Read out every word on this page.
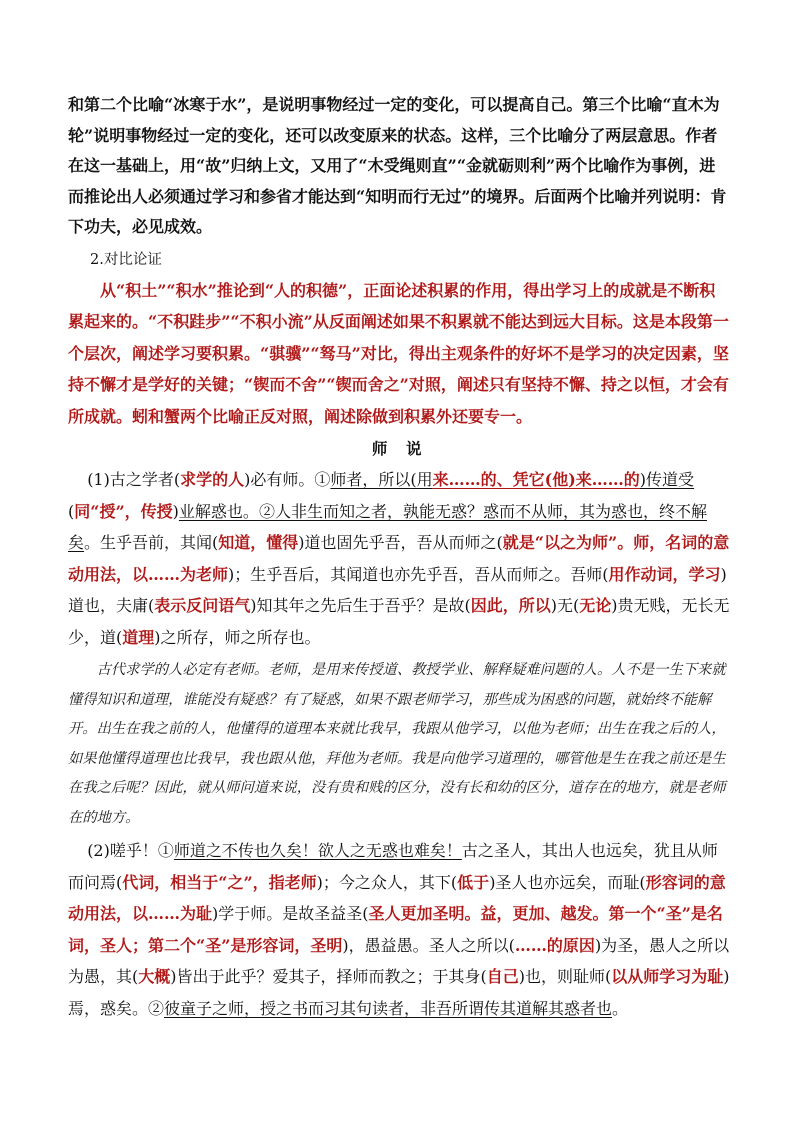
和第二个比喻“冰寒于水”，是说明事物经过一定的变化，可以提高自己。第三个比喻“直木为轮”说明事物经过一定的变化，还可以改变原来的状态。这样，三个比喻分了两层意思。作者在这一基础上，用“故”归纳上文，又用了“木受绳则直”“金就砺则利”两个比喻作为事例，进而推论出人必须通过学习和参省才能达到“知明而行无过”的境界。后面两个比喻并列说明：肯下功夫，必见成效。

2.对比论证

从“积土”“积水”推论到“人的积德”，正面论述积累的作用，得出学习上的成就是不断积累起来的。“不积跬步”“不积小流”从反面阐述如果不积累就不能达到远大目标。这是本段第一个层次，阐述学习要积累。“骐骥”“驽马”对比，得出主观条件的好坏不是学习的决定因素，坚持不懈才是学好的关键；“锲而不舍”“锲而舍之”对照，阐述只有坚持不懈、持之以恒，才会有所成就。蚓和蟹两个比喻正反对照，阐述除做到积累外还要专一。

师说

(1)古之学者(求学的人)必有师。①师者，所以(用来……的、凭它(他)来……的)传道受(同“授”，传授)业解惑也。②人非生而知之者，孰能无惑？惑而不从师，其为惑也，终不解矣。生乎吾前，其闻(知道，懂得)道也固先乎吾，吾从而师之(就是“以之为师”。师，名词的意动用法，以……为老师)；生乎吾后，其闻道也亦先乎吾，吾从而师之。吾师(用作动词，学习)道也，夫庸(表示反问语气)知其年之先后生于吾乎？是故(因此，所以)无(无论)贵无贱，无长无少，道(道理)之所存，师之所存也。

古代求学的人必定有老师。老师，是用来传授道、教授学业、解释疑难问题的人。人不是一生下来就懂得知识和道理，谁能没有疑惑？有了疑惑，如果不跟老师学习，那些成为困惑的问题，就始终不能解开。出生在我之前的人，他懂得的道理本来就比我早，我跟从他学习，以他为老师；出生在我之后的人，如果他懂得道理也比我早，我也跟从他，拜他为老师。我是向他学习道理的，哪管他是生在我之前还是生在我之后呢？因此，就从师问道来说，没有贵和贱的区分，没有长和幼的区分，道存在的地方，就是老师在的地方。

(2)嗟乎！①师道之不传也久矣！欲人之无惑也难矣！古之圣人，其出人也远矣，犹且从师而问焉(代词，相当于“之”，指老师)；今之众人，其下(低于)圣人也亦远矣，而耻(形容词的意动用法，以……为耻)学于师。是故圣益圣(圣人更加圣明。益，更加、越发。第一个“圣”是名词，圣人；第二个“圣”是形容词，圣明)，愚益愚。圣人之所以(……的原因)为圣，愚人之所以为愚，其(大概)皆出于此乎？爱其子，择师而教之；于其身(自己)也，则耻师(以从师学习为耻)焉，惑矣。②彼童子之师，授之书而习其句读者，非吾所谓传其道解其惑者也。
